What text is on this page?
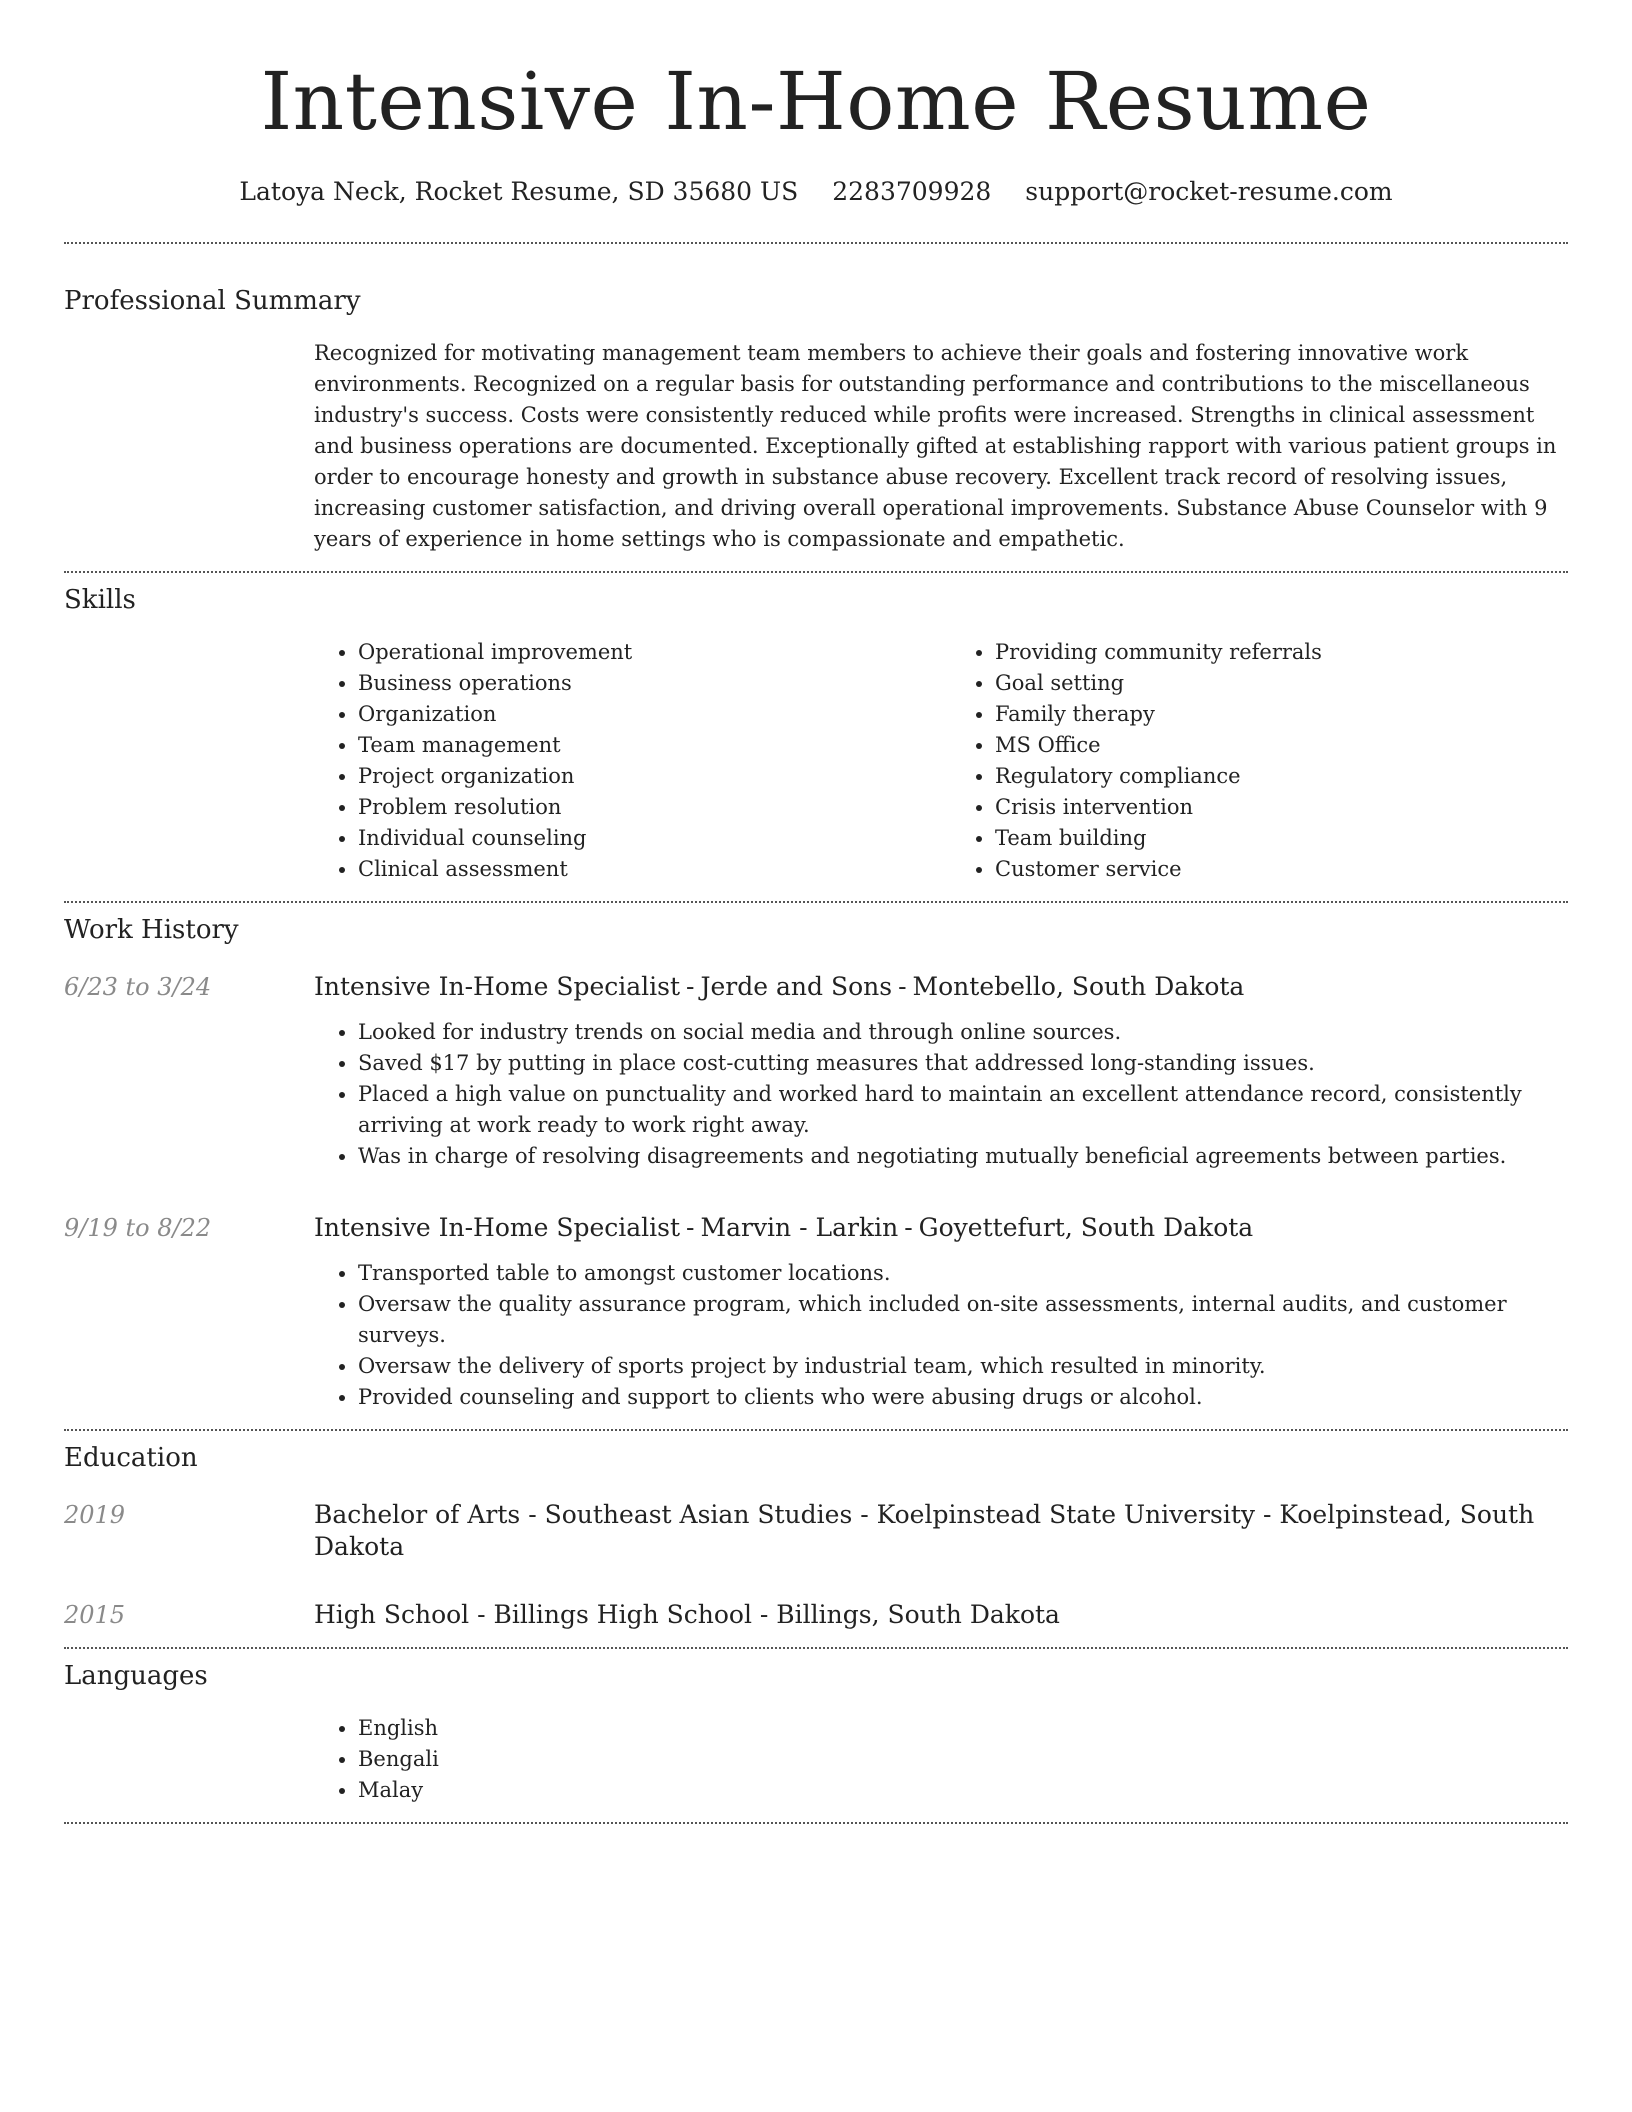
Intensive In-Home Resume
Latoya Neck, Rocket Resume, SD 35680 US 2283709928 support@rocket-resume.com
Professional Summary

Recognized for motivating management team members to achieve their goals and fostering innovative work environments. Recognized on a regular basis for outstanding performance and contributions to the miscellaneous industry's success. Costs were consistently reduced while profits were increased. Strengths in clinical assessment and business operations are documented. Exceptionally gifted at establishing rapport with various patient groups in order to encourage honesty and growth in substance abuse recovery. Excellent track record of resolving issues, increasing customer satisfaction, and driving overall operational improvements. Substance Abuse Counselor with 9 years of experience in home settings who is compassionate and empathetic.

Skills
• Operational improvement
• Business operations
• Organization
• Team management
• Project organization
• Problem resolution
• Individual counseling
• Clinical assessment
• Providing community referrals
• Goal setting
• Family therapy
• MS Office
• Regulatory compliance
• Crisis intervention
• Team building
• Customer service
Work History
6/23 to 3/24	Intensive In-Home Specialist - Jerde and Sons - Montebello, South Dakota
• Looked for industry trends on social media and through online sources.
• Saved $17 by putting in place cost-cutting measures that addressed long-standing issues.
• Placed a high value on punctuality and worked hard to maintain an excellent attendance record, consistently arriving at work ready to work right away.
• Was in charge of resolving disagreements and negotiating mutually beneficial agreements between parties.
9/19 to 8/22	Intensive In-Home Specialist - Marvin - Larkin - Goyettefurt, South Dakota
• Transported table to amongst customer locations.
• Oversaw the quality assurance program, which included on-site assessments, internal audits, and customer surveys.
• Oversaw the delivery of sports project by industrial team, which resulted in minority.
• Provided counseling and support to clients who were abusing drugs or alcohol.
Education
2019	Bachelor of Arts - Southeast Asian Studies - Koelpinstead State University - Koelpinstead, South Dakota
2015	High School - Billings High School - Billings, South Dakota
Languages
• English
• Bengali
• Malay
